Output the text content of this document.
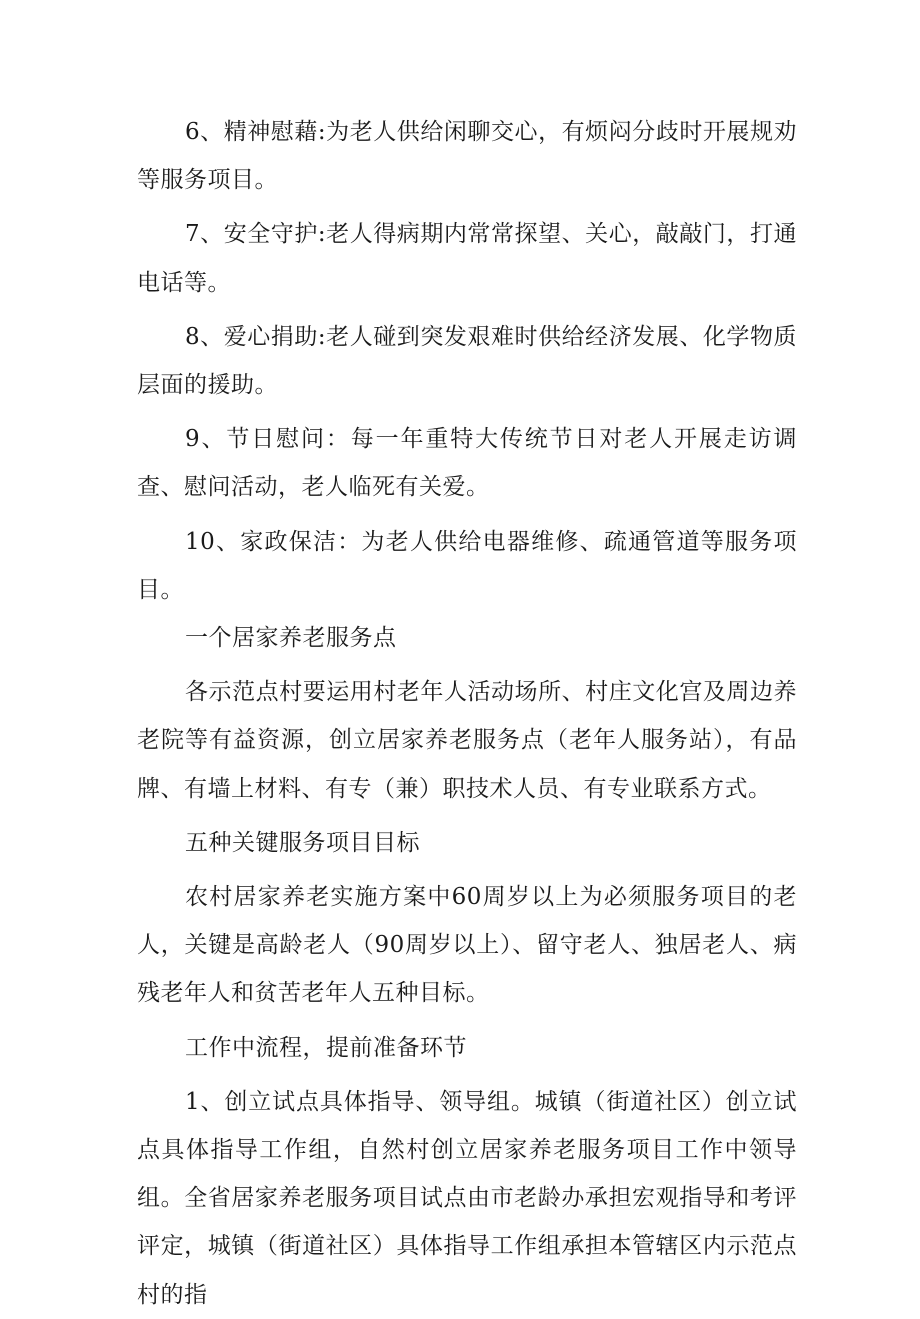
6、精神慰藉:为老人供给闲聊交心，有烦闷分歧时开展规劝等服务项目。

7、安全守护:老人得病期内常常探望、关心，敲敲门，打通电话等。

8、爱心捐助:老人碰到突发艰难时供给经济发展、化学物质层面的援助。

9、节日慰问：每一年重特大传统节日对老人开展走访调查、慰问活动，老人临死有关爱。

10、家政保洁：为老人供给电器维修、疏通管道等服务项目。

一个居家养老服务点

各示范点村要运用村老年人活动场所、村庄文化宫及周边养老院等有益资源，创立居家养老服务点（老年人服务站），有品牌、有墙上材料、有专（兼）职技术人员、有专业联系方式。

五种关键服务项目目标

农村居家养老实施方案中60周岁以上为必须服务项目的老人，关键是高龄老人（90周岁以上）、留守老人、独居老人、病残老年人和贫苦老年人五种目标。

工作中流程，提前准备环节

1、创立试点具体指导、领导组。城镇（街道社区）创立试点具体指导工作组，自然村创立居家养老服务项目工作中领导组。全省居家养老服务项目试点由市老龄办承担宏观指导和考评评定，城镇（街道社区）具体指导工作组承担本管辖区内示范点村的指
